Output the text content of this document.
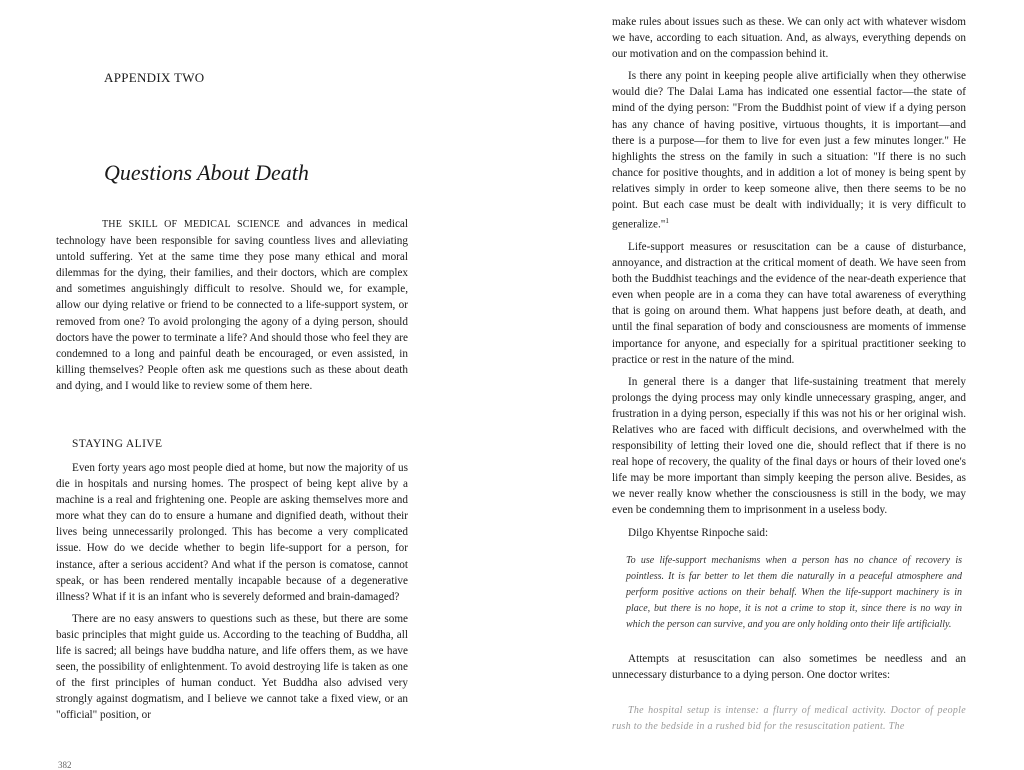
APPENDIX TWO
Questions About Death

THE SKILL OF MEDICAL SCIENCE and advances in medical technology have been responsible for saving countless lives and alleviating untold suffering. Yet at the same time they pose many ethical and moral dilemmas for the dying, their families, and their doctors, which are complex and sometimes anguishingly difficult to resolve. Should we, for example, allow our dying relative or friend to be connected to a life-support system, or removed from one? To avoid prolonging the agony of a dying person, should doctors have the power to terminate a life? And should those who feel they are condemned to a long and painful death be encouraged, or even assisted, in killing themselves? People often ask me questions such as these about death and dying, and I would like to review some of them here.

STAYING ALIVE

Even forty years ago most people died at home, but now the majority of us die in hospitals and nursing homes. The prospect of being kept alive by a machine is a real and frightening one. People are asking themselves more and more what they can do to ensure a humane and dignified death, without their lives being unnecessarily prolonged. This has become a very complicated issue. How do we decide whether to begin life-support for a person, for instance, after a serious accident? And what if the person is comatose, cannot speak, or has been rendered mentally incapable because of a degenerative illness? What if it is an infant who is severely deformed and brain-damaged?

There are no easy answers to questions such as these, but there are some basic principles that might guide us. According to the teaching of Buddha, all life is sacred; all beings have buddha nature, and life offers them, as we have seen, the possibility of enlightenment. To avoid destroying life is taken as one of the first principles of human conduct. Yet Buddha also advised very strongly against dogmatism, and I believe we cannot take a fixed view, or an "official" position, or

382

make rules about issues such as these. We can only act with whatever wisdom we have, according to each situation. And, as always, everything depends on our motivation and on the compassion behind it.

Is there any point in keeping people alive artificially when they otherwise would die? The Dalai Lama has indicated one essential factor—the state of mind of the dying person: "From the Buddhist point of view if a dying person has any chance of having positive, virtuous thoughts, it is important—and there is a purpose—for them to live for even just a few minutes longer." He highlights the stress on the family in such a situation: "If there is no such chance for positive thoughts, and in addition a lot of money is being spent by relatives simply in order to keep someone alive, then there seems to be no point. But each case must be dealt with individually; it is very difficult to generalize."$^1$

Life-support measures or resuscitation can be a cause of disturbance, annoyance, and distraction at the critical moment of death. We have seen from both the Buddhist teachings and the evidence of the near-death experience that even when people are in a coma they can have total awareness of everything that is going on around them. What happens just before death, at death, and until the final separation of body and consciousness are moments of immense importance for anyone, and especially for a spiritual practitioner seeking to practice or rest in the nature of the mind.

In general there is a danger that life-sustaining treatment that merely prolongs the dying process may only kindle unnecessary grasping, anger, and frustration in a dying person, especially if this was not his or her original wish. Relatives who are faced with difficult decisions, and overwhelmed with the responsibility of letting their loved one die, should reflect that if there is no real hope of recovery, the quality of the final days or hours of their loved one's life may be more important than simply keeping the person alive. Besides, as we never really know whether the consciousness is still in the body, we may even be condemning them to imprisonment in a useless body.

Dilgo Khyentse Rinpoche said:

To use life-support mechanisms when a person has no chance of recovery is pointless. It is far better to let them die naturally in a peaceful atmosphere and perform positive actions on their behalf. When the life-support machinery is in place, but there is no hope, it is not a crime to stop it, since there is no way in which the person can survive, and you are only holding onto their life artificially.

Attempts at resuscitation can also sometimes be needless and an unnecessary disturbance to a dying person. One doctor writes:

The hospital setup is intense: a flurry of medical activity. Doctor of people rush to the bedside in a rushed bid for the resuscitation patient. The
